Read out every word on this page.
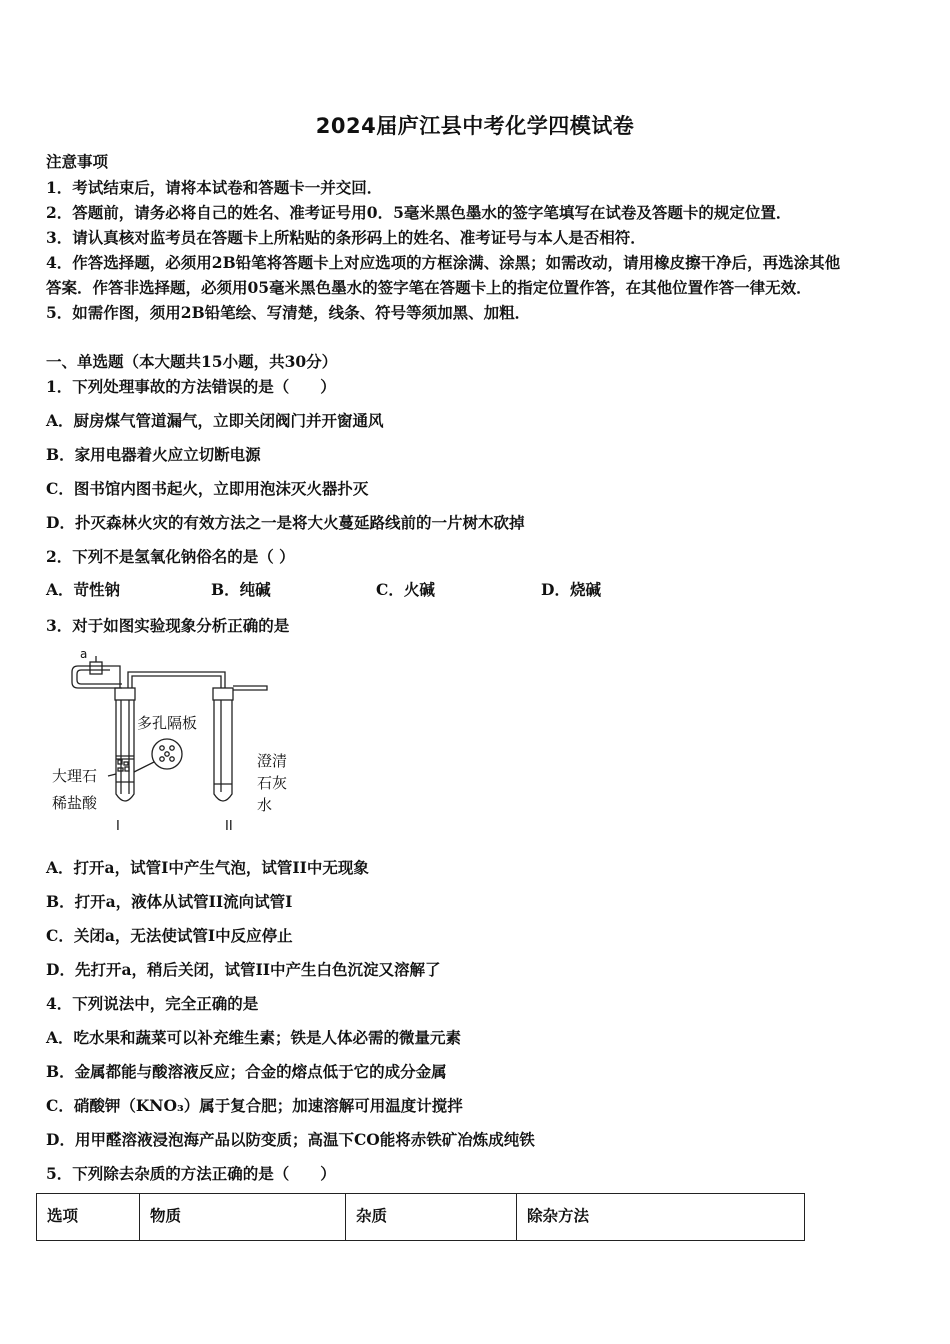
2024届庐江县中考化学四模试卷
注意事项
1．考试结束后，请将本试卷和答题卡一并交回．
2．答题前，请务必将自己的姓名、准考证号用0．5毫米黑色墨水的签字笔填写在试卷及答题卡的规定位置．
3．请认真核对监考员在答题卡上所粘贴的条形码上的姓名、准考证号与本人是否相符．
4．作答选择题，必须用2B铅笔将答题卡上对应选项的方框涂满、涂黑；如需改动，请用橡皮擦干净后，再选涂其他
答案．作答非选择题，必须用05毫米黑色墨水的签字笔在答题卡上的指定位置作答，在其他位置作答一律无效．
5．如需作图，须用2B铅笔绘、写清楚，线条、符号等须加黑、加粗．
一、单选题（本大题共15小题，共30分）
1．下列处理事故的方法错误的是（　　）
A．厨房煤气管道漏气，立即关闭阀门并开窗通风
B．家用电器着火应立切断电源
C．图书馆内图书起火，立即用泡沫灭火器扑灭
D．扑灭森林火灾的有效方法之一是将大火蔓延路线前的一片树木砍掉
2．下列不是氢氧化钠俗名的是（ ）
A．苛性钠	B．纯碱	C．火碱	D．烧碱
3．对于如图实验现象分析正确的是
a
多孔隔板
大理石
稀盐酸
澄清
石灰
水
I	II
A．打开a，试管I中产生气泡，试管II中无现象
B．打开a，液体从试管II流向试管I
C．关闭a，无法使试管I中反应停止
D．先打开a，稍后关闭，试管II中产生白色沉淀又溶解了
4．下列说法中，完全正确的是
A．吃水果和蔬菜可以补充维生素；铁是人体必需的微量元素
B．金属都能与酸溶液反应；合金的熔点低于它的成分金属
C．硝酸钾（KNO₃）属于复合肥；加速溶解可用温度计搅拌
D．用甲醛溶液浸泡海产品以防变质；高温下CO能将赤铁矿冶炼成纯铁
5．下列除去杂质的方法正确的是（　　）
选项	物质	杂质	除杂方法
